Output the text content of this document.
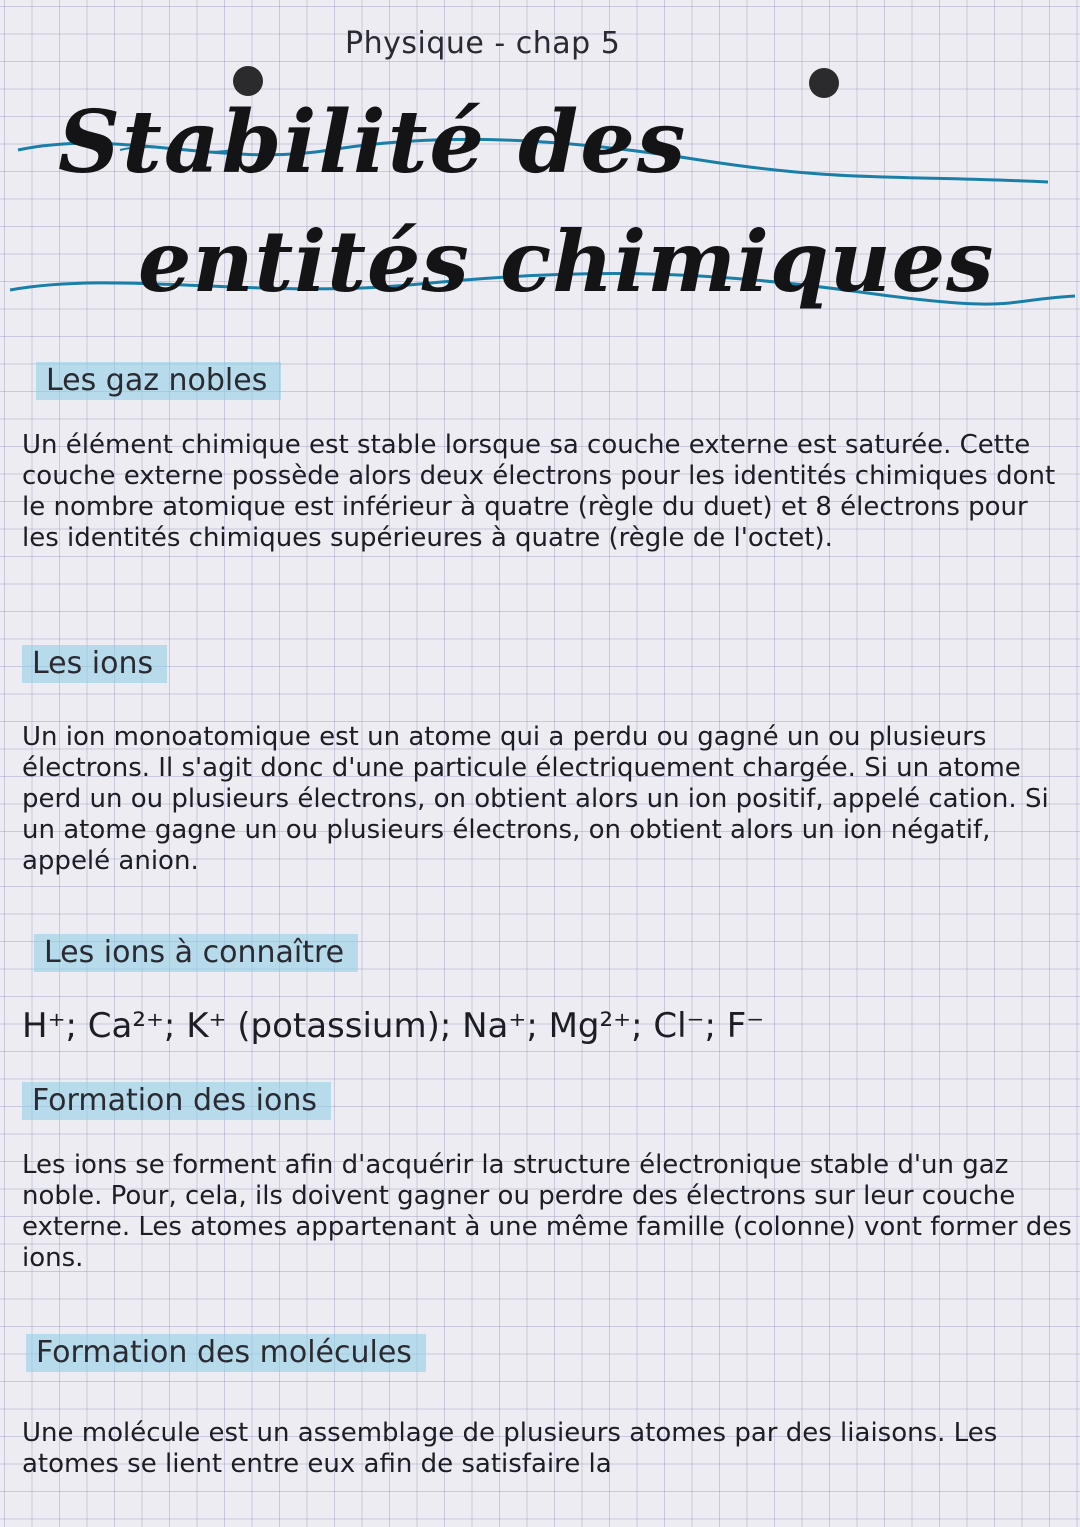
Physique - chap 5
Stabilité des
entités chimiques
Les gaz nobles
Un élément chimique est stable lorsque sa couche externe est saturée. Cette couche externe possède alors deux électrons pour les identités chimiques dont le nombre atomique est inférieur à quatre (règle du duet) et 8 électrons pour les identités chimiques supérieures à quatre (règle de l'octet).
Les ions
Un ion monoatomique est un atome qui a perdu ou gagné un ou plusieurs électrons. Il s'agit donc d'une particule électriquement chargée. Si un atome perd un ou plusieurs électrons, on obtient alors un ion positif, appelé cation. Si un atome gagne un ou plusieurs électrons, on obtient alors un ion négatif, appelé anion.
Les ions à connaître
H⁺; Ca²⁺; K⁺ (potassium); Na⁺; Mg²⁺; Cl⁻; F⁻
Formation des ions
Les ions se forment afin d'acquérir la structure électronique stable d'un gaz noble. Pour, cela, ils doivent gagner ou perdre des électrons sur leur couche externe. Les atomes appartenant à une même famille (colonne) vont former des ions.
Formation des molécules
Une molécule est un assemblage de plusieurs atomes par des liaisons. Les atomes se lient entre eux afin de satisfaire la
